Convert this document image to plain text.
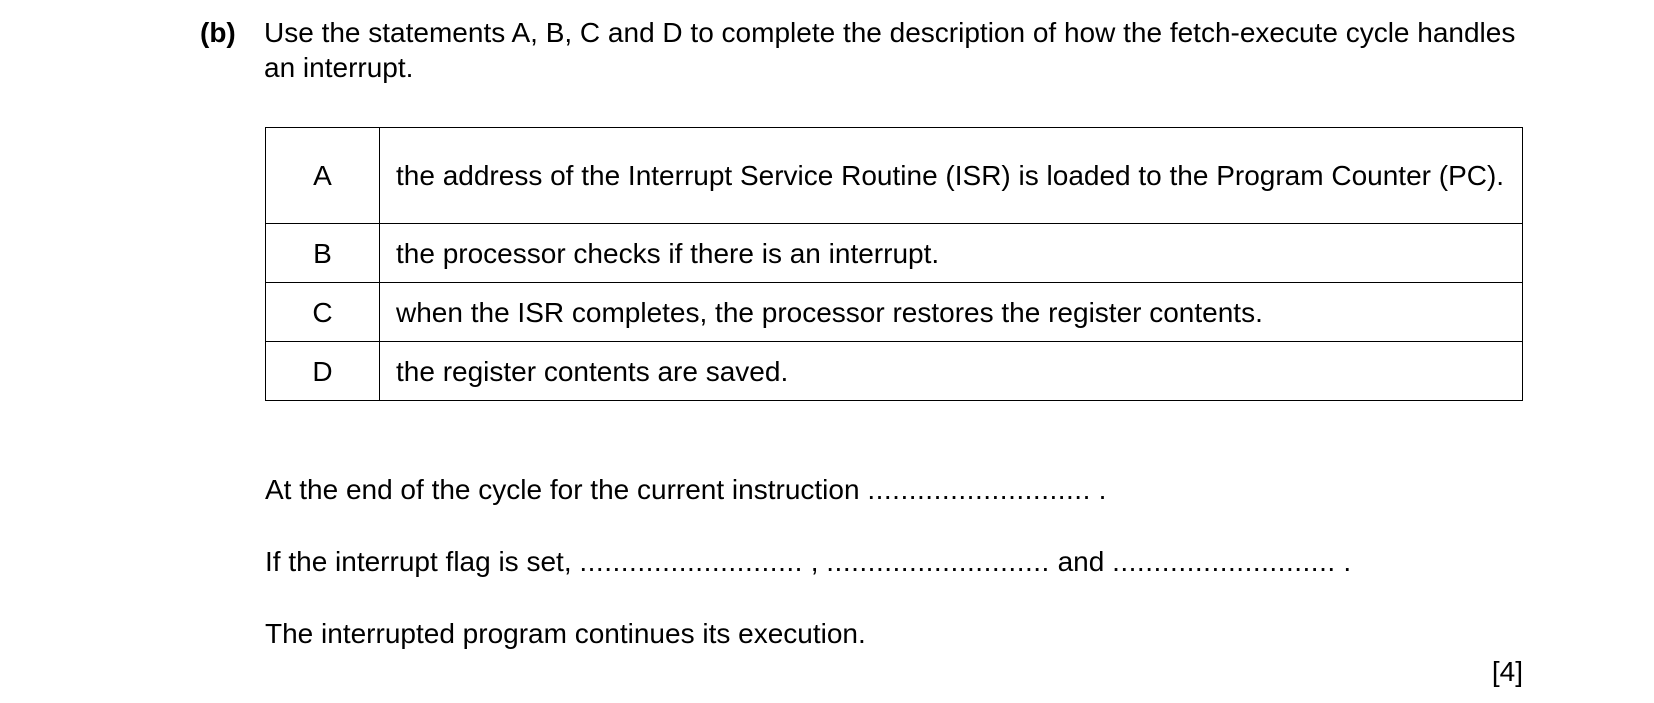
(b) Use the statements A, B, C and D to complete the description of how the fetch-execute cycle handles an interrupt.
A	the address of the Interrupt Service Routine (ISR) is loaded to the Program Counter (PC).
B	the processor checks if there is an interrupt.
C	when the ISR completes, the processor restores the register contents.
D	the register contents are saved.
At the end of the cycle for the current instruction ........................... .
If the interrupt flag is set, ........................... , ........................... and ........................... .
The interrupted program continues its execution.
[4]
